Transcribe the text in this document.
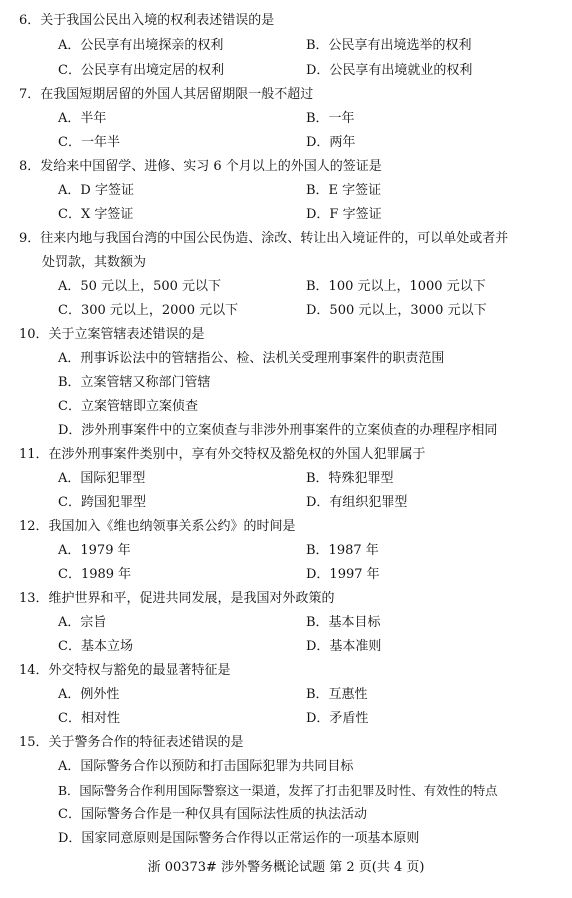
6．关于我国公民出入境的权利表述错误的是
A．公民享有出境探亲的权利	B．公民享有出境选举的权利
C．公民享有出境定居的权利	D．公民享有出境就业的权利
7．在我国短期居留的外国人其居留期限一般不超过
A．半年	B．一年
C．一年半	D．两年
8．发给来中国留学、进修、实习 6 个月以上的外国人的签证是
A．D 字签证	B．E 字签证
C．X 字签证	D．F 字签证
9．往来内地与我国台湾的中国公民伪造、涂改、转让出入境证件的，可以单处或者并
处罚款，其数额为
A．50 元以上，500 元以下	B．100 元以上，1000 元以下
C．300 元以上，2000 元以下	D．500 元以上，3000 元以下
10．关于立案管辖表述错误的是
A．刑事诉讼法中的管辖指公、检、法机关受理刑事案件的职责范围
B．立案管辖又称部门管辖
C．立案管辖即立案侦查
D．涉外刑事案件中的立案侦查与非涉外刑事案件的立案侦查的办理程序相同
11．在涉外刑事案件类别中，享有外交特权及豁免权的外国人犯罪属于
A．国际犯罪型	B．特殊犯罪型
C．跨国犯罪型	D．有组织犯罪型
12．我国加入《维也纳领事关系公约》的时间是
A．1979 年	B．1987 年
C．1989 年	D．1997 年
13．维护世界和平，促进共同发展，是我国对外政策的
A．宗旨	B．基本目标
C．基本立场	D．基本准则
14．外交特权与豁免的最显著特征是
A．例外性	B．互惠性
C．相对性	D．矛盾性
15．关于警务合作的特征表述错误的是
A．国际警务合作以预防和打击国际犯罪为共同目标
B．国际警务合作利用国际警察这一渠道，发挥了打击犯罪及时性、有效性的特点
C．国际警务合作是一种仅具有国际法性质的执法活动
D．国家同意原则是国际警务合作得以正常运作的一项基本原则
浙 00373# 涉外警务概论试题 第 2 页(共 4 页)
